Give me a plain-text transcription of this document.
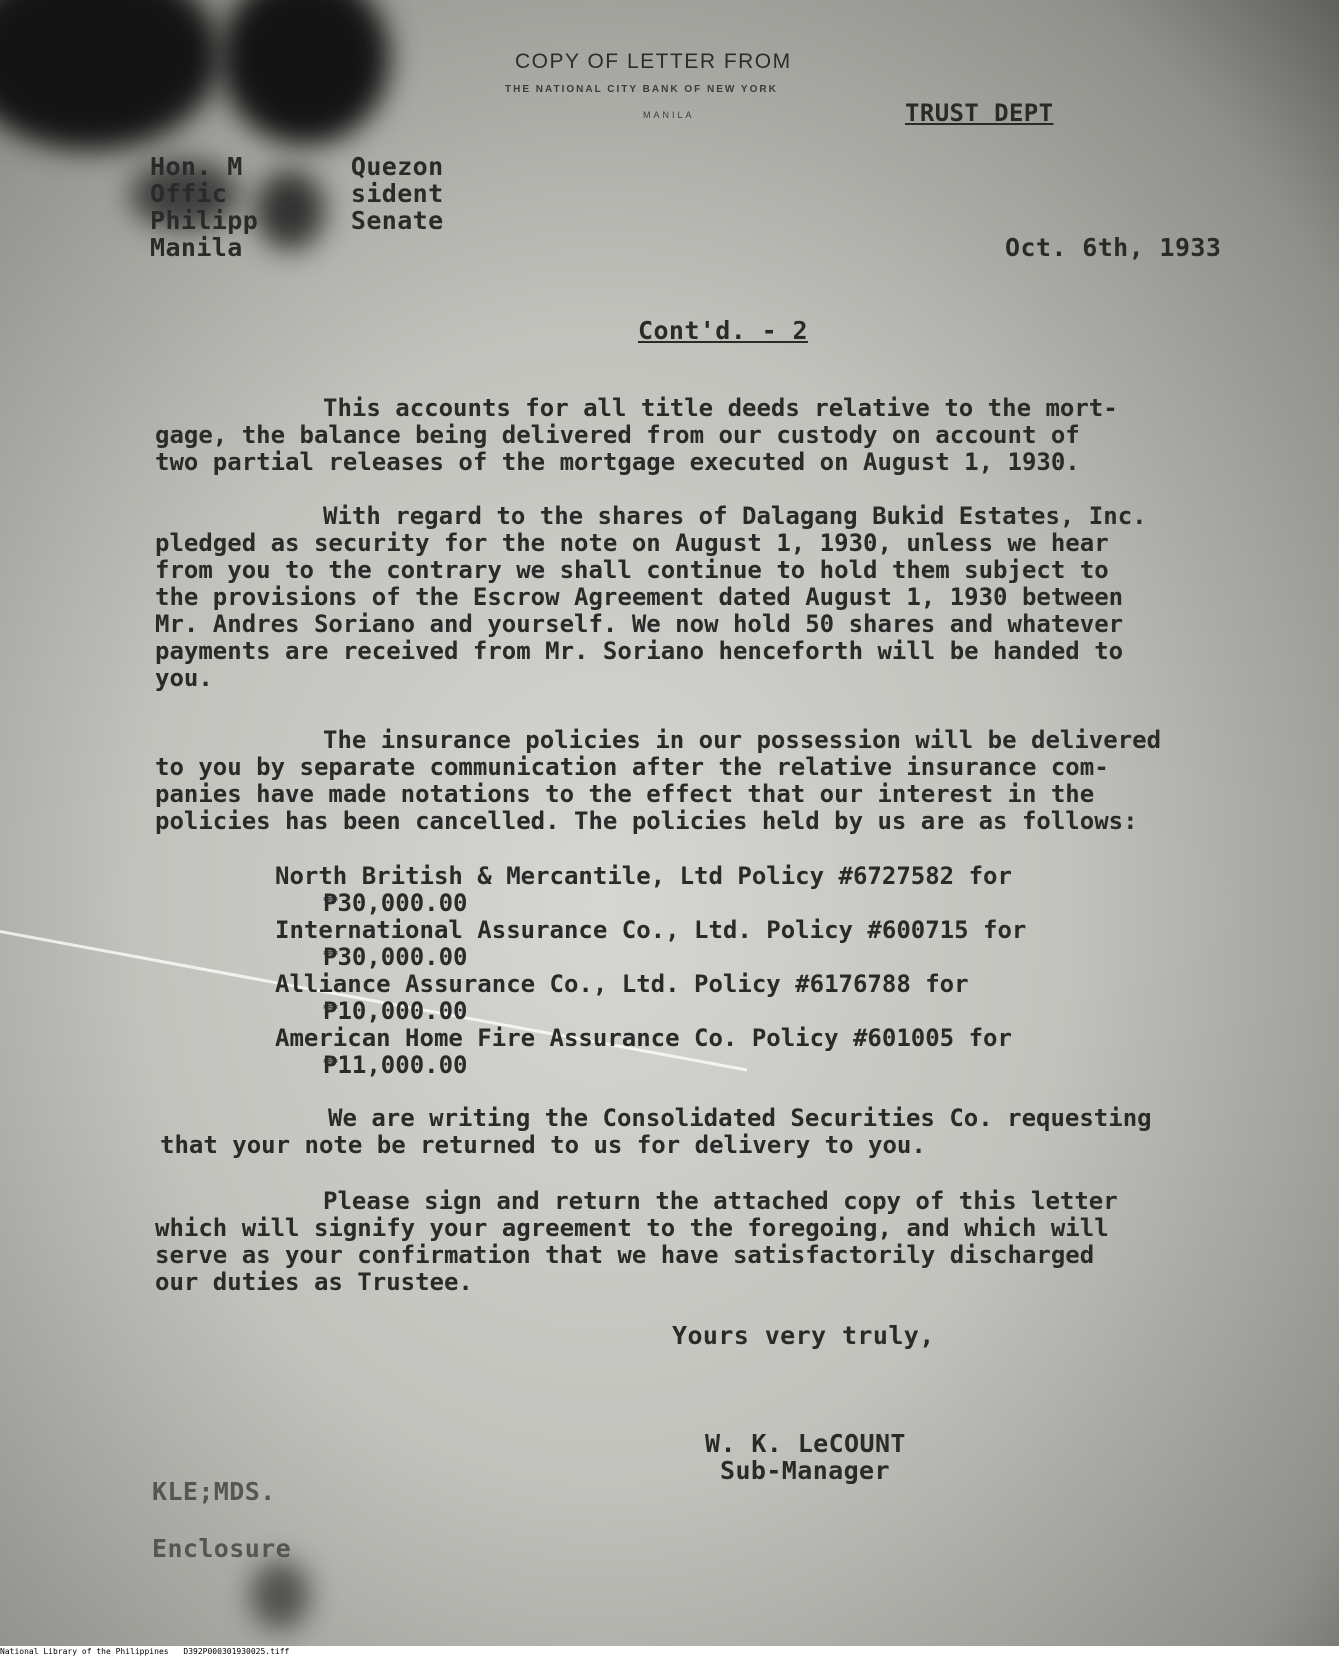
COPY OF LETTER FROM
THE NATIONAL CITY BANK OF NEW YORK
MANILA	TRUST DEPT
Hon. M       Quezon
Offic        sident
Philipp      Senate
Manila	Oct. 6th, 1933
Cont'd. - 2
This accounts for all title deeds relative to the mort-
gage, the balance being delivered from our custody on account of
two partial releases of the mortgage executed on August 1, 1930.
With regard to the shares of Dalagang Bukid Estates, Inc.
pledged as security for the note on August 1, 1930, unless we hear
from you to the contrary we shall continue to hold them subject to
the provisions of the Escrow Agreement dated August 1, 1930 between
Mr. Andres Soriano and yourself. We now hold 50 shares and whatever
payments are received from Mr. Soriano henceforth will be handed to
you.
The insurance policies in our possession will be delivered
to you by separate communication after the relative insurance com-
panies have made notations to the effect that our interest in the
policies has been cancelled. The policies held by us are as follows:
North British & Mercantile, Ltd Policy #6727582 for
₱30,000.00
International Assurance Co., Ltd. Policy #600715 for
₱30,000.00
Alliance Assurance Co., Ltd. Policy #6176788 for
₱10,000.00
American Home Fire Assurance Co. Policy #601005 for
₱11,000.00
We are writing the Consolidated Securities Co. requesting
that your note be returned to us for delivery to you.
Please sign and return the attached copy of this letter
which will signify your agreement to the foregoing, and which will
serve as your confirmation that we have satisfactorily discharged
our duties as Trustee.
Yours very truly,
W. K. LeCOUNT
Sub-Manager
KLE;MDS.
Enclosure
National Library of the Philippines D392P000301930025.tiff
